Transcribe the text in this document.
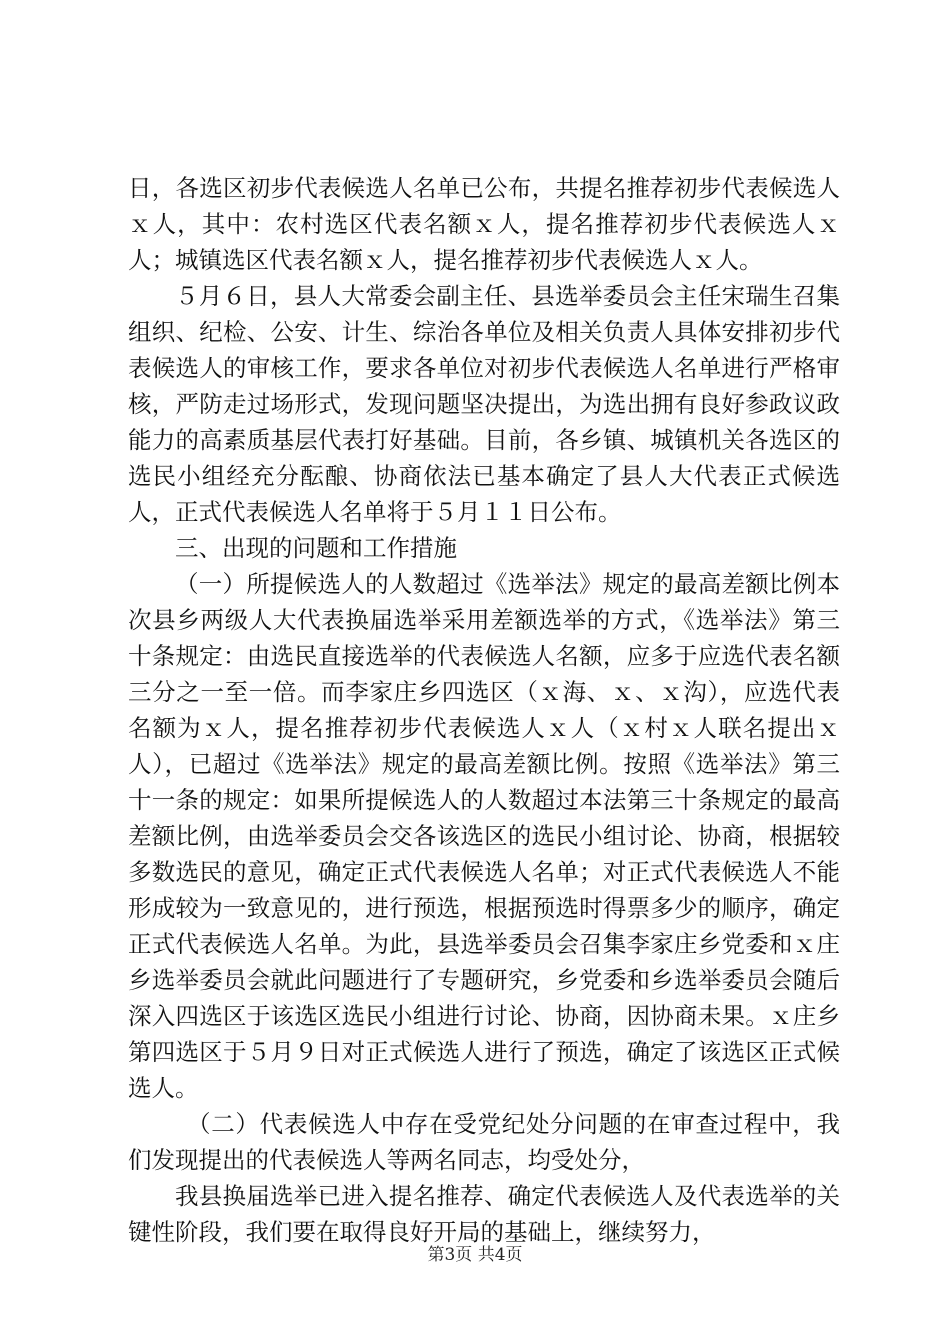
日，各选区初步代表候选人名单已公布，共提名推荐初步代表候选人ｘ人，其中：农村选区代表名额ｘ人，提名推荐初步代表候选人ｘ人；城镇选区代表名额ｘ人，提名推荐初步代表候选人ｘ人。

５月６日，县人大常委会副主任、县选举委员会主任宋瑞生召集组织、纪检、公安、计生、综治各单位及相关负责人具体安排初步代表候选人的审核工作，要求各单位对初步代表候选人名单进行严格审核，严防走过场形式，发现问题坚决提出，为选出拥有良好参政议政能力的高素质基层代表打好基础。目前，各乡镇、城镇机关各选区的选民小组经充分酝酿、协商依法已基本确定了县人大代表正式候选人，正式代表候选人名单将于５月１１日公布。

三、出现的问题和工作措施

（一）所提候选人的人数超过《选举法》规定的最高差额比例本次县乡两级人大代表换届选举采用差额选举的方式，《选举法》第三十条规定：由选民直接选举的代表候选人名额，应多于应选代表名额三分之一至一倍。而李家庄乡四选区（ｘ海、ｘ、ｘ沟），应选代表名额为ｘ人，提名推荐初步代表候选人ｘ人（ｘ村ｘ人联名提出ｘ人），已超过《选举法》规定的最高差额比例。按照《选举法》第三十一条的规定：如果所提候选人的人数超过本法第三十条规定的最高差额比例，由选举委员会交各该选区的选民小组讨论、协商，根据较多数选民的意见，确定正式代表候选人名单；对正式代表候选人不能形成较为一致意见的，进行预选，根据预选时得票多少的顺序，确定正式代表候选人名单。为此，县选举委员会召集李家庄乡党委和ｘ庄乡选举委员会就此问题进行了专题研究，乡党委和乡选举委员会随后深入四选区于该选区选民小组进行讨论、协商，因协商未果。ｘ庄乡第四选区于５月９日对正式候选人进行了预选，确定了该选区正式候选人。

（二）代表候选人中存在受党纪处分问题的在审查过程中，我们发现提出的代表候选人等两名同志，均受处分，

我县换届选举已进入提名推荐、确定代表候选人及代表选举的关键性阶段，我们要在取得良好开局的基础上，继续努力，

第3页 共4页
